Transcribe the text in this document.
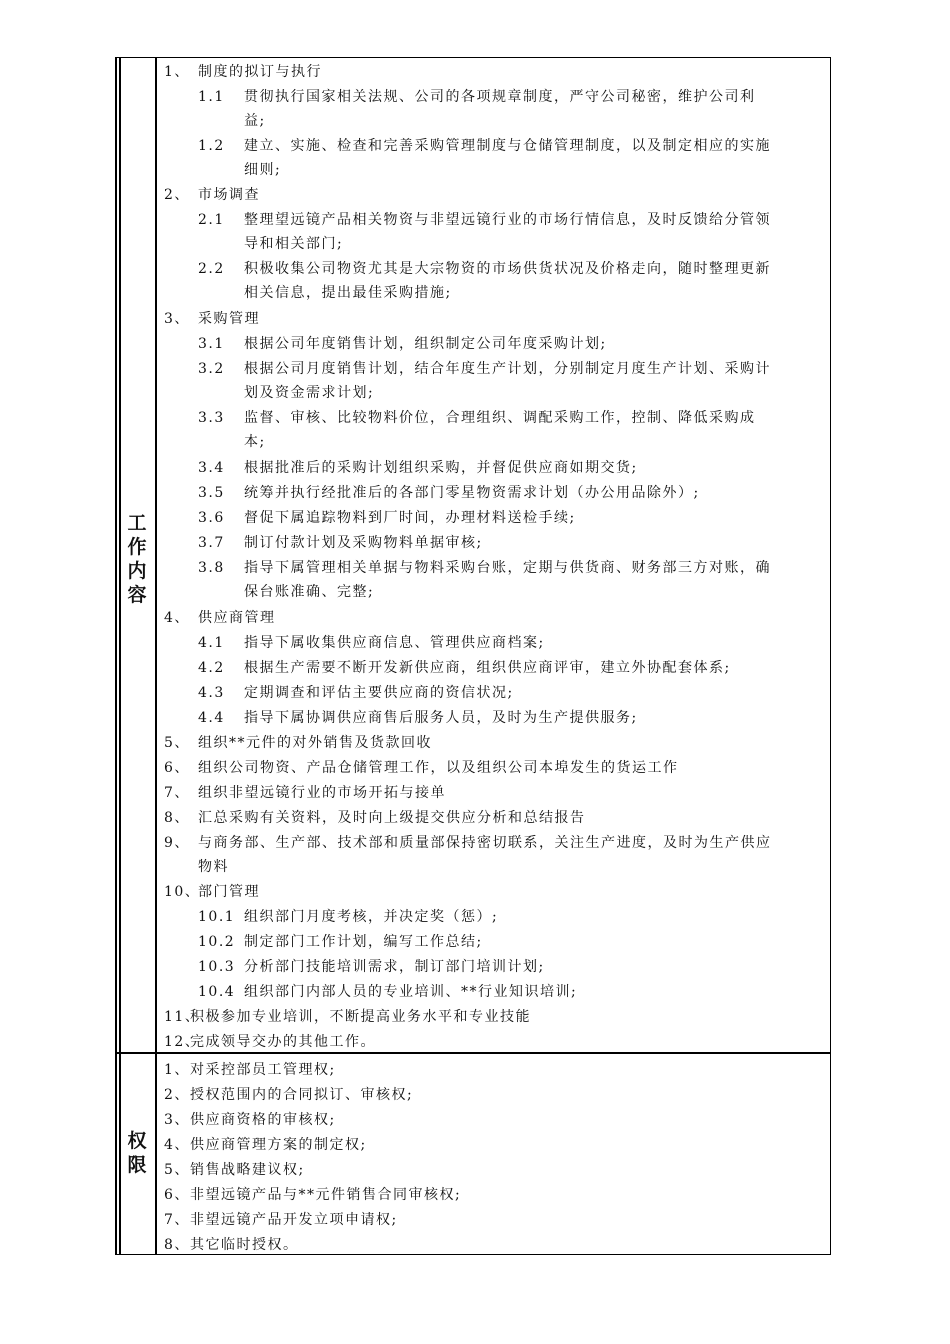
工
作
内
容
权
限
1、 制度的拟订与执行
1.1 贯彻执行国家相关法规、公司的各项规章制度，严守公司秘密，维护公司利
益;
1.2 建立、实施、检查和完善采购管理制度与仓储管理制度，以及制定相应的实施
细则;
2、 市场调查
2.1 整理望远镜产品相关物资与非望远镜行业的市场行情信息，及时反馈给分管领
导和相关部门;
2.2 积极收集公司物资尤其是大宗物资的市场供货状况及价格走向，随时整理更新
相关信息，提出最佳采购措施;
3、 采购管理
3.1 根据公司年度销售计划，组织制定公司年度采购计划;
3.2 根据公司月度销售计划，结合年度生产计划，分别制定月度生产计划、采购计
划及资金需求计划;
3.3 监督、审核、比较物料价位，合理组织、调配采购工作，控制、降低采购成
本;
3.4 根据批准后的采购计划组织采购，并督促供应商如期交货;
3.5 统筹并执行经批准后的各部门零星物资需求计划（办公用品除外）;
3.6 督促下属追踪物料到厂时间，办理材料送检手续;
3.7 制订付款计划及采购物料单据审核;
3.8 指导下属管理相关单据与物料采购台账，定期与供货商、财务部三方对账，确
保台账准确、完整;
4、 供应商管理
4.1 指导下属收集供应商信息、管理供应商档案;
4.2 根据生产需要不断开发新供应商，组织供应商评审，建立外协配套体系;
4.3 定期调查和评估主要供应商的资信状况;
4.4 指导下属协调供应商售后服务人员，及时为生产提供服务;
5、 组织**元件的对外销售及货款回收
6、 组织公司物资、产品仓储管理工作，以及组织公司本埠发生的货运工作
7、 组织非望远镜行业的市场开拓与接单
8、 汇总采购有关资料，及时向上级提交供应分析和总结报告
9、 与商务部、生产部、技术部和质量部保持密切联系，关注生产进度，及时为生产供应
物料
10、
部门管理
10.1 组织部门月度考核，并决定奖（惩）;
10.2 制定部门工作计划，编写工作总结;
10.3 分析部门技能培训需求，制订部门培训计划;
10.4 组织部门内部人员的专业培训、**行业知识培训;
11、
积极参加专业培训，不断提高业务水平和专业技能
12、
完成领导交办的其他工作。
1、 对采控部员工管理权;
2、 授权范围内的合同拟订、审核权;
3、 供应商资格的审核权;
4、 供应商管理方案的制定权;
5、 销售战略建议权;
6、 非望远镜产品与**元件销售合同审核权;
7、 非望远镜产品开发立项申请权;
8、 其它临时授权。
